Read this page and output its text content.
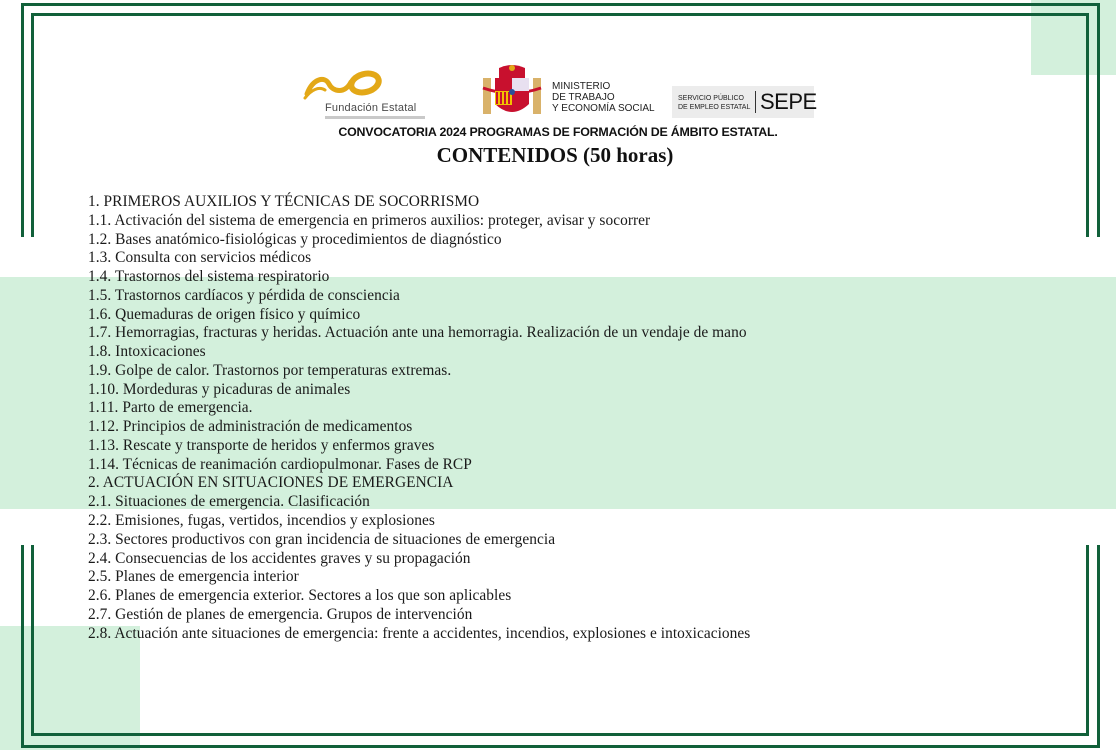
Fundación Estatal
MINISTERIO
DE TRABAJO
Y ECONOMÍA SOCIAL
SERVICIO PÚBLICO
DE EMPLEO ESTATAL SEPE
CONVOCATORIA 2024 PROGRAMAS DE FORMACIÓN DE ÁMBITO ESTATAL.
CONTENIDOS (50 horas)
1. PRIMEROS AUXILIOS Y TÉCNICAS DE SOCORRISMO
1.1. Activación del sistema de emergencia en primeros auxilios: proteger, avisar y socorrer
1.2. Bases anatómico-fisiológicas y procedimientos de diagnóstico
1.3. Consulta con servicios médicos
1.4. Trastornos del sistema respiratorio
1.5. Trastornos cardíacos y pérdida de consciencia
1.6. Quemaduras de origen físico y químico
1.7. Hemorragias, fracturas y heridas. Actuación ante una hemorragia. Realización de un vendaje de mano
1.8. Intoxicaciones
1.9. Golpe de calor. Trastornos por temperaturas extremas.
1.10. Mordeduras y picaduras de animales
1.11. Parto de emergencia.
1.12. Principios de administración de medicamentos
1.13. Rescate y transporte de heridos y enfermos graves
1.14. Técnicas de reanimación cardiopulmonar. Fases de RCP
2. ACTUACIÓN EN SITUACIONES DE EMERGENCIA
2.1. Situaciones de emergencia. Clasificación
2.2. Emisiones, fugas, vertidos, incendios y explosiones
2.3. Sectores productivos con gran incidencia de situaciones de emergencia
2.4. Consecuencias de los accidentes graves y su propagación
2.5. Planes de emergencia interior
2.6. Planes de emergencia exterior. Sectores a los que son aplicables
2.7. Gestión de planes de emergencia. Grupos de intervención
2.8. Actuación ante situaciones de emergencia: frente a accidentes, incendios, explosiones e intoxicaciones
